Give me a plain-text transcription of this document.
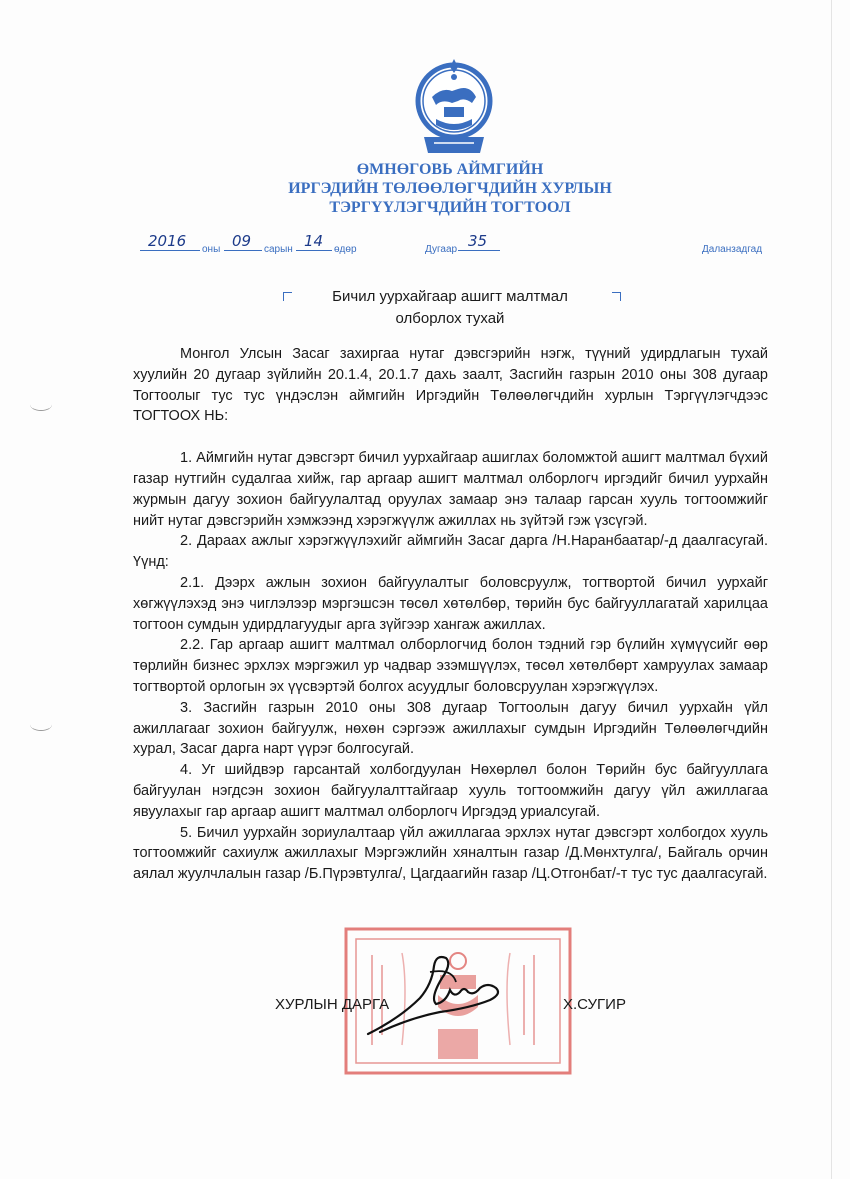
ӨМНӨГОВЬ АЙМГИЙН
ИРГЭДИЙН ТӨЛӨӨЛӨГЧДИЙН ХУРЛЫН
ТЭРГҮҮЛЭГЧДИЙН ТОГТООЛ
2016 оны 09 сарын 14 өдөр	Дугаар 35	Даланзадгад
Бичил уурхайгаар ашигт малтмал
олборлох тухай

Монгол Улсын Засаг захиргаа нутаг дэвсгэрийн нэгж, түүний удирдлагын тухай хуулийн 20 дугаар зүйлийн 20.1.4, 20.1.7 дахь заалт, Засгийн газрын 2010 оны 308 дугаар Тогтоолыг тус тус үндэслэн аймгийн Иргэдийн Төлөөлөгчдийн хурлын Тэргүүлэгчдээс ТОГТООХ НЬ:

1. Аймгийн нутаг дэвсгэрт бичил уурхайгаар ашиглах боломжтой ашигт малтмал бүхий газар нутгийн судалгаа хийж, гар аргаар ашигт малтмал олборлогч иргэдийг бичил уурхайн журмын дагуу зохион байгуулалтад оруулах замаар энэ талаар гарсан хууль тогтоомжийг нийт нутаг дэвсгэрийн хэмжээнд хэрэгжүүлж ажиллах нь зүйтэй гэж үзсүгэй.

2. Дараах ажлыг хэрэгжүүлэхийг аймгийн Засаг дарга /Н.Наранбаатар/-д даалгасугай. Үүнд:

2.1. Дээрх ажлын зохион байгуулалтыг боловсруулж, тогтвортой бичил уурхайг хөгжүүлэхэд энэ чиглэлээр мэргэшсэн төсөл хөтөлбөр, төрийн бус байгууллагатай харилцаа тогтоон сумдын удирдлагуудыг арга зүйгээр хангаж ажиллах.

2.2. Гар аргаар ашигт малтмал олборлогчид болон тэдний гэр бүлийн хүмүүсийг өөр төрлийн бизнес эрхлэх мэргэжил ур чадвар эзэмшүүлэх, төсөл хөтөлбөрт хамруулах замаар тогтвортой орлогын эх үүсвэртэй болгох асуудлыг боловсруулан хэрэгжүүлэх.

3. Засгийн газрын 2010 оны 308 дугаар Тогтоолын дагуу бичил уурхайн үйл ажиллагааг зохион байгуулж, нөхөн сэргээж ажиллахыг сумдын Иргэдийн Төлөөлөгчдийн хурал, Засаг дарга нарт үүрэг болгосугай.

4. Уг шийдвэр гарсантай холбогдуулан Нөхөрлөл болон Төрийн бус байгууллага байгуулан нэгдсэн зохион байгуулалттайгаар хууль тогтоомжийн дагуу үйл ажиллагаа явуулахыг гар аргаар ашигт малтмал олборлогч Иргэдэд уриалсугай.

5. Бичил уурхайн зориулалтаар үйл ажиллагаа эрхлэх нутаг дэвсгэрт холбогдох хууль тогтоомжийг сахиулж ажиллахыг Мэргэжлийн хяналтын газар /Д.Мөнхтулга/, Байгаль орчин аялал жуулчлалын газар /Б.Пүрэвтулга/, Цагдаагийн газар /Ц.Отгонбат/-т тус тус даалгасугай.

ХУРЛЫН ДАРГА	Х.СУГИР
